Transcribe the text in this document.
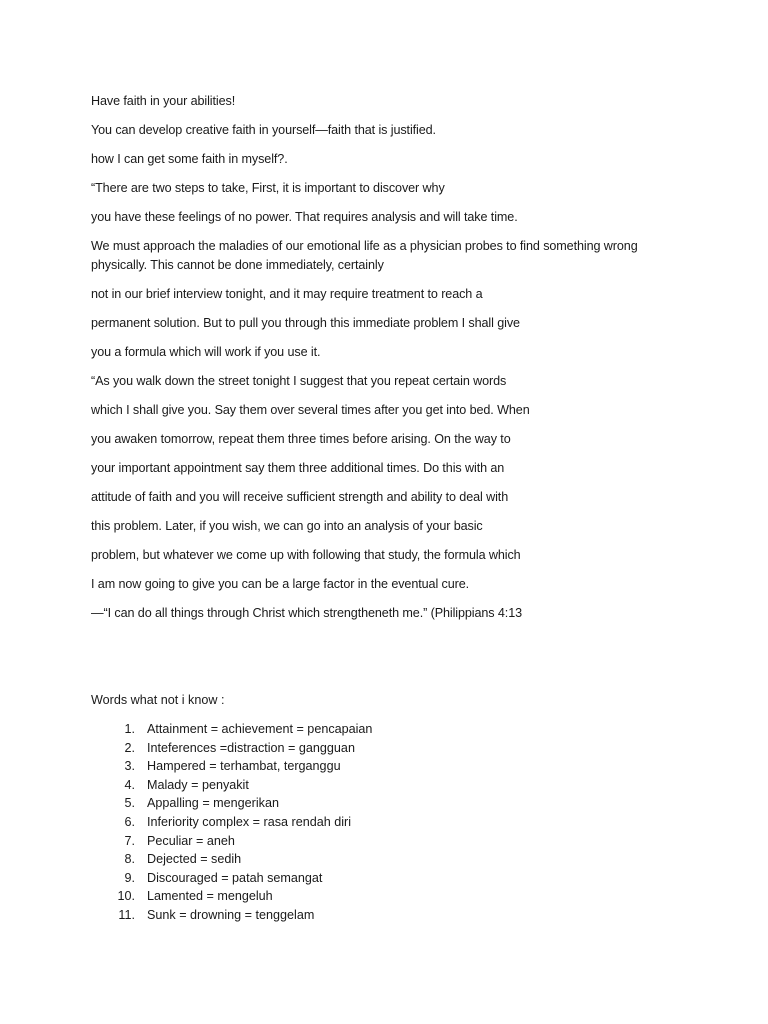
Have faith in your abilities!

You can develop creative faith in yourself—faith that is justified.

how I can get some faith in myself?.

“There are two steps to take, First, it is important to discover why

you have these feelings of no power. That requires analysis and will take time.

We must approach the maladies of our emotional life as a physician probes to find something wrong physically. This cannot be done immediately, certainly

not in our brief interview tonight, and it may require treatment to reach a

permanent solution. But to pull you through this immediate problem I shall give

you a formula which will work if you use it.

“As you walk down the street tonight I suggest that you repeat certain words

which I shall give you. Say them over several times after you get into bed. When

you awaken tomorrow, repeat them three times before arising. On the way to

your important appointment say them three additional times. Do this with an

attitude of faith and you will receive sufficient strength and ability to deal with

this problem. Later, if you wish, we can go into an analysis of your basic

problem, but whatever we come up with following that study, the formula which

I am now going to give you can be a large factor in the eventual cure.

—“I can do all things through Christ which strengtheneth me.” (Philippians 4:13

Words what not i know :

1. Attainment = achievement = pencapaian
2. Inteferences =distraction = gangguan
3. Hampered = terhambat, terganggu
4. Malady = penyakit
5. Appalling = mengerikan
6. Inferiority complex = rasa rendah diri
7. Peculiar = aneh
8. Dejected = sedih
9. Discouraged = patah semangat
10. Lamented = mengeluh
11. Sunk = drowning = tenggelam
